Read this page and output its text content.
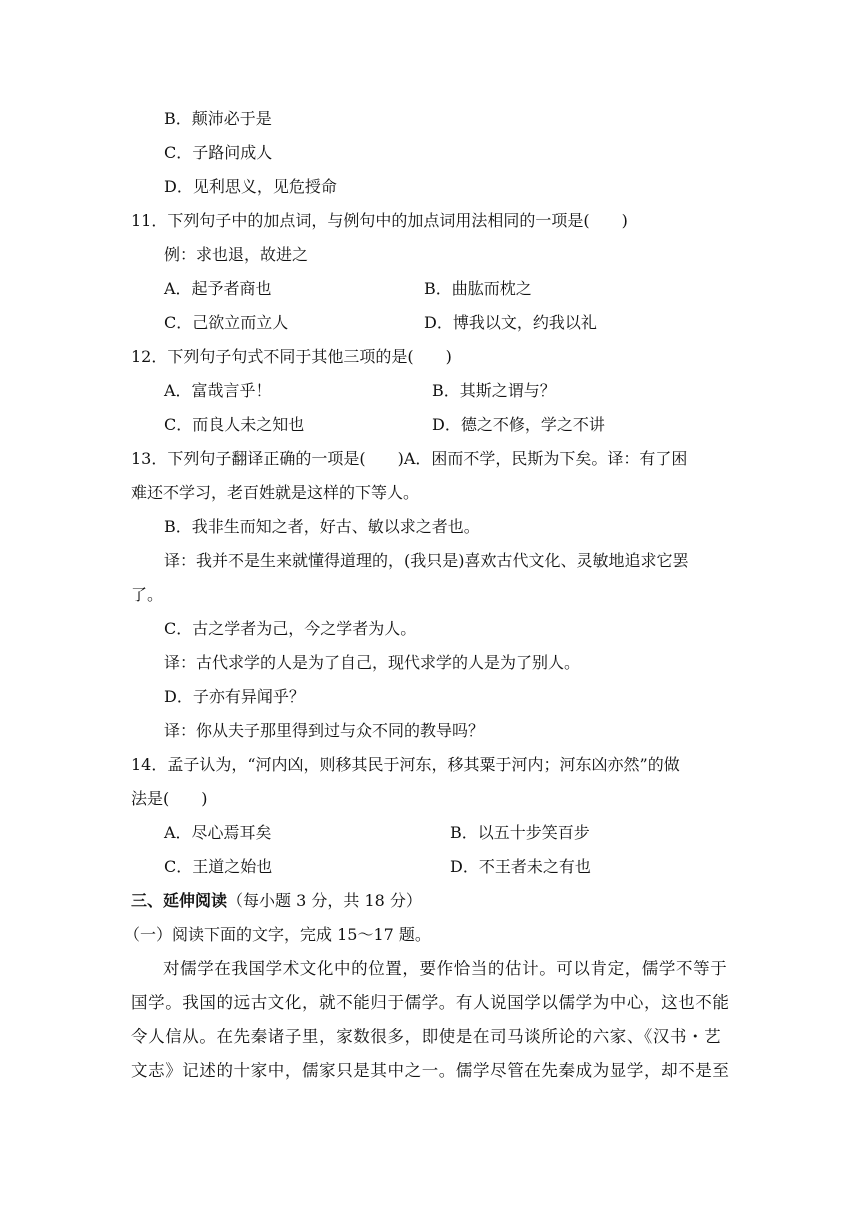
B．颠沛必于是
C．子路问成人
D．见利思义，见危授命
11．下列句子中的加点词，与例句中的加点词用法相同的一项是(　　)
例：求也退，故进之
A．起予者商也	B．曲肱而枕之
C．己欲立而立人	D．博我以文，约我以礼
12．下列句子句式不同于其他三项的是(　　)
A．富哉言乎！	B．其斯之谓与？
C．而良人未之知也	D．德之不修，学之不讲
13．下列句子翻译正确的一项是(　　)A．困而不学，民斯为下矣。译：有了困
难还不学习，老百姓就是这样的下等人。
B．我非生而知之者，好古、敏以求之者也。
译：我并不是生来就懂得道理的，(我只是)喜欢古代文化、灵敏地追求它罢
了。
C．古之学者为己，今之学者为人。
译：古代求学的人是为了自己，现代求学的人是为了别人。
D．子亦有异闻乎？
译：你从夫子那里得到过与众不同的教导吗？
14．孟子认为，“河内凶，则移其民于河东，移其粟于河内；河东凶亦然”的做
法是(　　)
A．尽心焉耳矣	B．以五十步笑百步
C．王道之始也	D．不王者未之有也
三、延伸阅读（每小题 3 分，共 18 分）
（一）阅读下面的文字，完成 15～17 题。
对儒学在我国学术文化中的位置，要作恰当的估计。可以肯定，儒学不等于
国学。我国的远古文化，就不能归于儒学。有人说国学以儒学为中心，这也不能
令人信从。在先秦诸子里，家数很多，即使是在司马谈所论的六家、《汉书・艺
文志》记述的十家中，儒家只是其中之一。儒学尽管在先秦成为显学，却不是至
